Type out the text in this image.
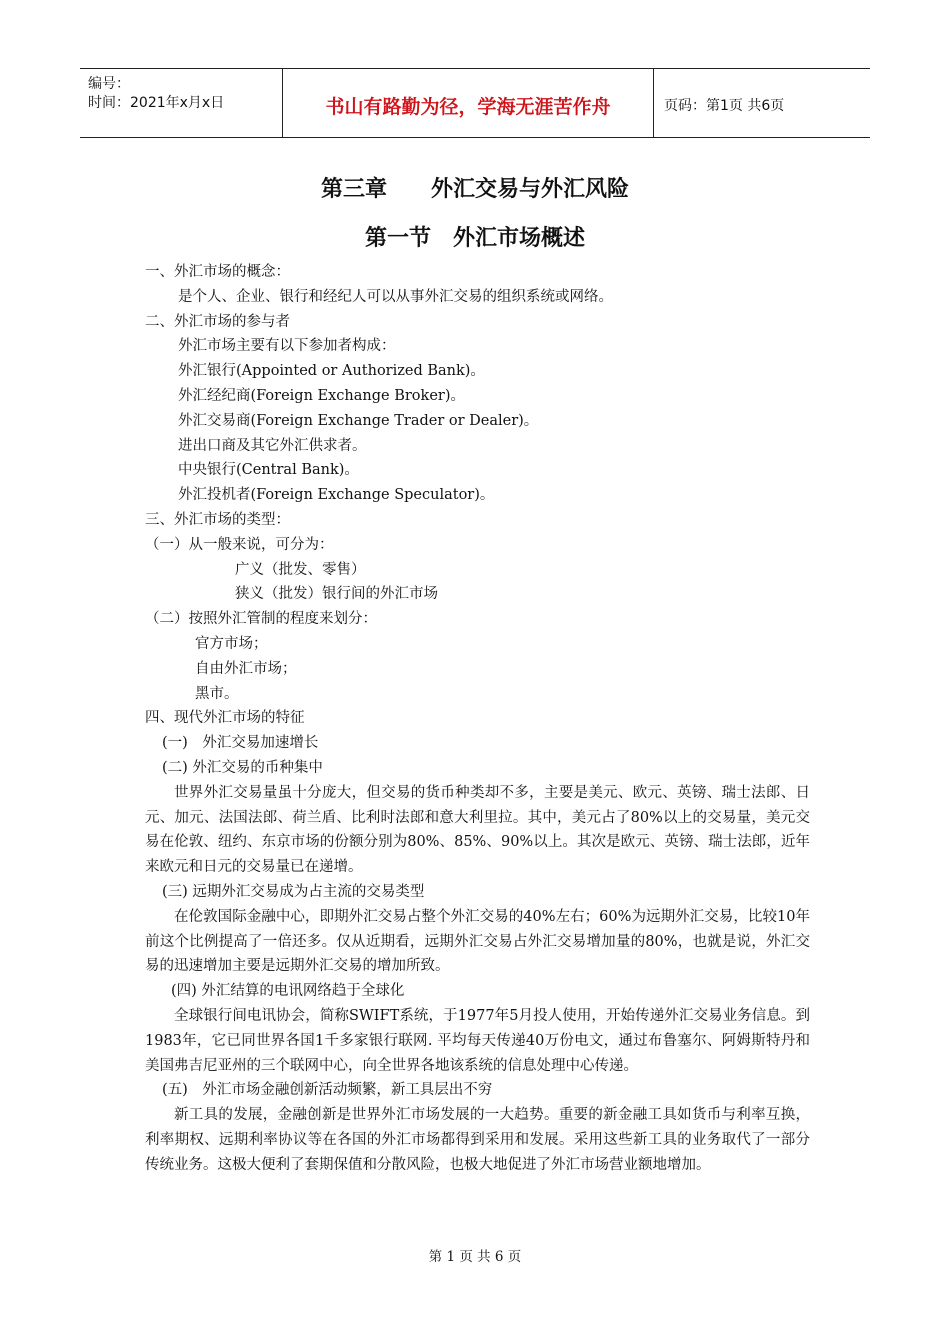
编号：
时间：2021年x月x日	书山有路勤为径，学海无涯苦作舟	页码：第1页 共6页
第三章　　外汇交易与外汇风险
第一节　外汇市场概述
一、外汇市场的概念：
是个人、企业、银行和经纪人可以从事外汇交易的组织系统或网络。
二、外汇市场的参与者
外汇市场主要有以下参加者构成：
外汇银行(Appointed or Authorized Bank)。
外汇经纪商(Foreign Exchange Broker)。
外汇交易商(Foreign Exchange Trader or Dealer)。
进出口商及其它外汇供求者。
中央银行(Central Bank)。
外汇投机者(Foreign Exchange Speculator)。
三、外汇市场的类型：
（一）从一般来说，可分为：
广义（批发、零售）
狭义（批发）银行间的外汇市场
（二）按照外汇管制的程度来划分：
官方市场；
自由外汇市场；
黑市。
四、现代外汇市场的特征
(一)　外汇交易加速增长
(二) 外汇交易的币种集中
世界外汇交易量虽十分庞大，但交易的货币种类却不多，主要是美元、欧元、英镑、瑞士法郎、日元、加元、法国法郎、荷兰盾、比利时法郎和意大利里拉。其中，美元占了80%以上的交易量，美元交易在伦敦、纽约、东京市场的份额分别为80%、85%、90%以上。其次是欧元、英镑、瑞士法郎，近年来欧元和日元的交易量已在递增。
(三) 远期外汇交易成为占主流的交易类型
在伦敦国际金融中心，即期外汇交易占整个外汇交易的40%左右；60%为远期外汇交易，比较10年前这个比例提高了一倍还多。仅从近期看，远期外汇交易占外汇交易增加量的80%，也就是说，外汇交易的迅速增加主要是远期外汇交易的增加所致。
(四) 外汇结算的电讯网络趋于全球化
全球银行间电讯协会，简称SWIFT系统，于1977年5月投人使用，开始传递外汇交易业务信息。到1983年，它已同世界各国1千多家银行联网. 平均每天传递40万份电文，通过布鲁塞尔、阿姆斯特丹和美国弗吉尼亚州的三个联网中心，向全世界各地该系统的信息处理中心传递。
(五)　外汇市场金融创新活动频繁，新工具层出不穷
新工具的发展，金融创新是世界外汇市场发展的一大趋势。重要的新金融工具如货币与利率互换，利率期权、远期利率协议等在各国的外汇市场都得到采用和发展。采用这些新工具的业务取代了一部分传统业务。这极大便利了套期保值和分散风险，也极大地促进了外汇市场营业额地增加。
第 1 页 共 6 页
